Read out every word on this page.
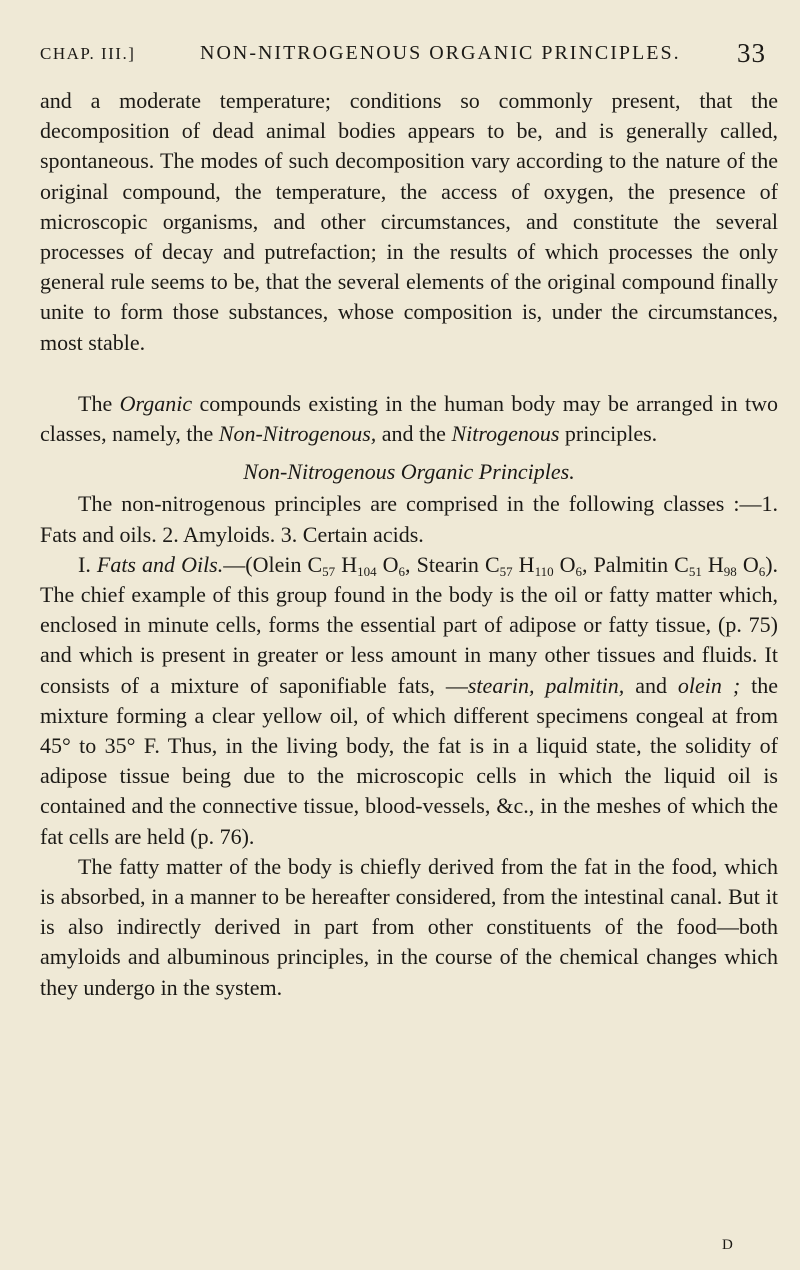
CHAP. III.]	NON-NITROGENOUS ORGANIC PRINCIPLES. 33

and a moderate temperature; conditions so commonly present, that the decomposition of dead animal bodies appears to be, and is generally called, spontaneous. The modes of such decomposition vary according to the nature of the original compound, the temperature, the access of oxygen, the presence of microscopic organisms, and other circumstances, and constitute the several processes of decay and putrefaction; in the results of which processes the only general rule seems to be, that the several elements of the original compound finally unite to form those substances, whose composition is, under the circumstances, most stable.

The Organic compounds existing in the human body may be arranged in two classes, namely, the Non-Nitrogenous, and the Nitrogenous principles.

Non-Nitrogenous Organic Principles.

The non-nitrogenous principles are comprised in the following classes :—1. Fats and oils. 2. Amyloids. 3. Certain acids.

I. Fats and Oils.—(Olein $C_{57}$ $H_{104}$ $O_6$, Stearin $C_{57}$ $H_{110}$ $O_6$, Palmitin $C_{51}$ $H_{98}$ $O_6$). The chief example of this group found in the body is the oil or fatty matter which, enclosed in minute cells, forms the essential part of adipose or fatty tissue, (p. 75) and which is present in greater or less amount in many other tissues and fluids. It consists of a mixture of saponifiable fats, —stearin, palmitin, and olein ; the mixture forming a clear yellow oil, of which different specimens congeal at from 45° to 35° F. Thus, in the living body, the fat is in a liquid state, the solidity of adipose tissue being due to the microscopic cells in which the liquid oil is contained and the connective tissue, blood-vessels, &c., in the meshes of which the fat cells are held (p. 76).

The fatty matter of the body is chiefly derived from the fat in the food, which is absorbed, in a manner to be hereafter considered, from the intestinal canal. But it is also indirectly derived in part from other constituents of the food—both amyloids and albuminous principles, in the course of the chemical changes which they undergo in the system.

D
